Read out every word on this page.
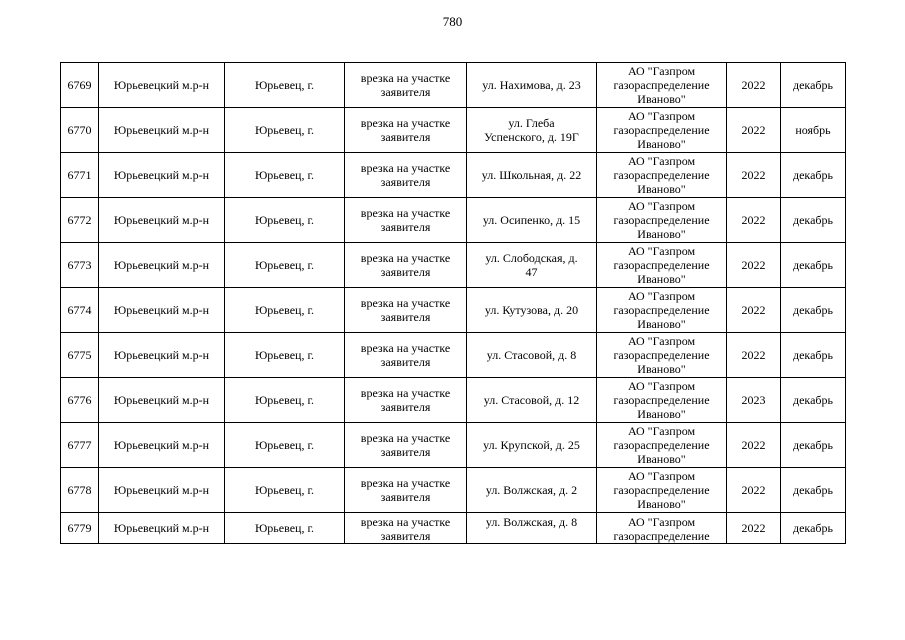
780
6769	Юрьевецкий м.р-н	Юрьевец, г.	врезка на участке
заявителя	ул. Нахимова, д. 23	АО "Газпром
газораспределение
Иваново"	2022	декабрь
6770	Юрьевецкий м.р-н	Юрьевец, г.	врезка на участке
заявителя	ул. Глеба
Успенского, д. 19Г	АО "Газпром
газораспределение
Иваново"	2022	ноябрь
6771	Юрьевецкий м.р-н	Юрьевец, г.	врезка на участке
заявителя	ул. Школьная, д. 22	АО "Газпром
газораспределение
Иваново"	2022	декабрь
6772	Юрьевецкий м.р-н	Юрьевец, г.	врезка на участке
заявителя	ул. Осипенко, д. 15	АО "Газпром
газораспределение
Иваново"	2022	декабрь
6773	Юрьевецкий м.р-н	Юрьевец, г.	врезка на участке
заявителя	ул. Слободская, д.
47	АО "Газпром
газораспределение
Иваново"	2022	декабрь
6774	Юрьевецкий м.р-н	Юрьевец, г.	врезка на участке
заявителя	ул. Кутузова, д. 20	АО "Газпром
газораспределение
Иваново"	2022	декабрь
6775	Юрьевецкий м.р-н	Юрьевец, г.	врезка на участке
заявителя	ул. Стасовой, д. 8	АО "Газпром
газораспределение
Иваново"	2022	декабрь
6776	Юрьевецкий м.р-н	Юрьевец, г.	врезка на участке
заявителя	ул. Стасовой, д. 12	АО "Газпром
газораспределение
Иваново"	2023	декабрь
6777	Юрьевецкий м.р-н	Юрьевец, г.	врезка на участке
заявителя	ул. Крупской, д. 25	АО "Газпром
газораспределение
Иваново"	2022	декабрь
6778	Юрьевецкий м.р-н	Юрьевец, г.	врезка на участке
заявителя	ул. Волжская, д. 2	АО "Газпром
газораспределение
Иваново"	2022	декабрь
6779	Юрьевецкий м.р-н	Юрьевец, г.	врезка на участке
заявителя	ул. Волжская, д. 8	АО "Газпром
газораспределение	2022	декабрь
